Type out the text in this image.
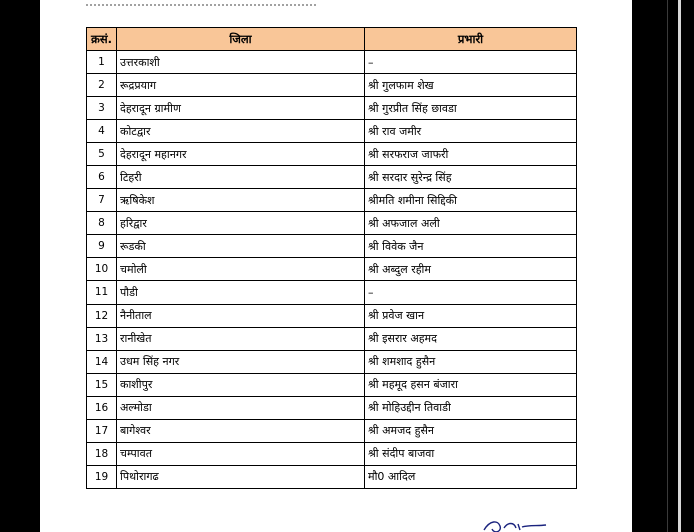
क्रसं.	जिला	प्रभारी
1	उत्तरकाशी	–
2	रूद्रप्रयाग	श्री गुलफाम शेख
3	देहरादून ग्रामीण	श्री गुरप्रीत सिंह छावडा
4	कोटद्वार	श्री राव जमीर
5	देहरादून महानगर	श्री सरफराज जाफरी
6	टिहरी	श्री सरदार सुरेन्द्र सिंह
7	ऋषिकेश	श्रीमति शमीना सिद्दिकी
8	हरिद्वार	श्री अफजाल अली
9	रूडकी	श्री विवेक जैन
10	चमोली	श्री अब्दुल रहीम
11	पौडी	–
12	नैनीताल	श्री प्रवेज खान
13	रानीखेत	श्री इसरार अहमद
14	उधम सिंह नगर	श्री शमशाद हुसैन
15	काशीपुर	श्री महमूद हसन बंजारा
16	अल्मोडा	श्री मोहिउद्दीन तिवाडी
17	बागेश्वर	श्री अमजद हुसैन
18	चम्पावत	श्री संदीप बाजवा
19	पिथोरागढ	मौ0 आदिल
